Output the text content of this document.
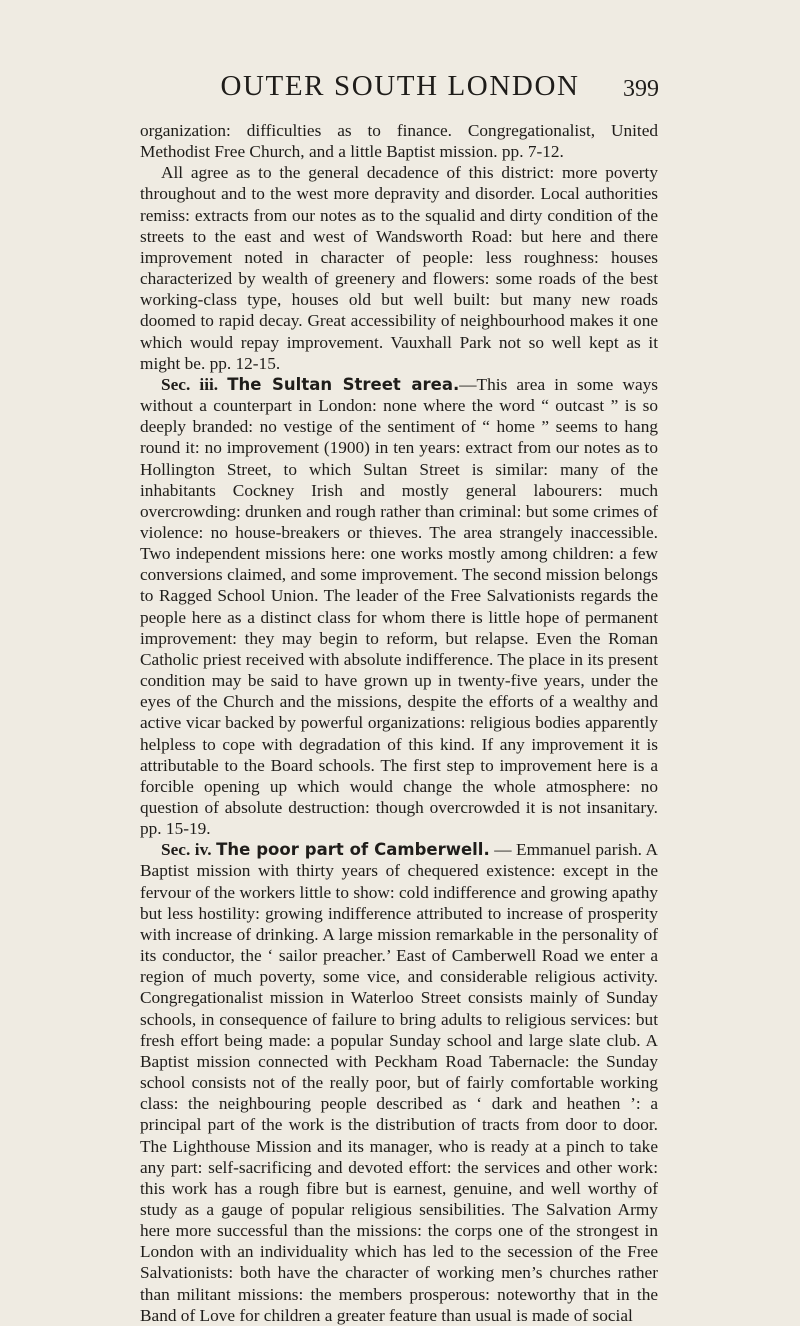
OUTER SOUTH LONDON	399

organization: difficulties as to finance. Congregationalist, United Methodist Free Church, and a little Baptist mission. pp. 7-12.

All agree as to the general decadence of this district: more poverty throughout and to the west more depravity and disorder. Local authorities remiss: extracts from our notes as to the squalid and dirty condition of the streets to the east and west of Wandsworth Road: but here and there improvement noted in character of people: less roughness: houses characterized by wealth of greenery and flowers: some roads of the best working-class type, houses old but well built: but many new roads doomed to rapid decay. Great accessibility of neighbourhood makes it one which would repay improvement. Vauxhall Park not so well kept as it might be. pp. 12-15.

Sec. iii. The Sultan Street area.—This area in some ways without a counterpart in London: none where the word “ outcast ” is so deeply branded: no vestige of the sentiment of “ home ” seems to hang round it: no improvement (1900) in ten years: extract from our notes as to Hollington Street, to which Sultan Street is similar: many of the inhabitants Cockney Irish and mostly general labourers: much overcrowding: drunken and rough rather than criminal: but some crimes of violence: no house-breakers or thieves. The area strangely inaccessible. Two independent missions here: one works mostly among children: a few conversions claimed, and some improvement. The second mission belongs to Ragged School Union. The leader of the Free Salvationists regards the people here as a distinct class for whom there is little hope of permanent improvement: they may begin to reform, but relapse. Even the Roman Catholic priest received with absolute indifference. The place in its present condition may be said to have grown up in twenty-five years, under the eyes of the Church and the missions, despite the efforts of a wealthy and active vicar backed by powerful organizations: religious bodies apparently helpless to cope with degradation of this kind. If any improvement it is attributable to the Board schools. The first step to improvement here is a forcible opening up which would change the whole atmosphere: no question of absolute destruction: though overcrowded it is not insanitary. pp. 15-19.

Sec. iv. The poor part of Camberwell. — Emmanuel parish. A Baptist mission with thirty years of chequered existence: except in the fervour of the workers little to show: cold indifference and growing apathy but less hostility: growing indifference attributed to increase of prosperity with increase of drinking. A large mission remarkable in the personality of its conductor, the ‘ sailor preacher.’ East of Camberwell Road we enter a region of much poverty, some vice, and considerable religious activity. Congregationalist mission in Waterloo Street consists mainly of Sunday schools, in consequence of failure to bring adults to religious services: but fresh effort being made: a popular Sunday school and large slate club. A Baptist mission connected with Peckham Road Tabernacle: the Sunday school consists not of the really poor, but of fairly comfortable working class: the neighbouring people described as ‘ dark and heathen ’: a principal part of the work is the distribution of tracts from door to door. The Lighthouse Mission and its manager, who is ready at a pinch to take any part: self-sacrificing and devoted effort: the services and other work: this work has a rough fibre but is earnest, genuine, and well worthy of study as a gauge of popular religious sensibilities. The Salvation Army here more successful than the missions: the corps one of the strongest in London with an individuality which has led to the secession of the Free Salvationists: both have the character of working men’s churches rather than militant missions: the members prosperous: noteworthy that in the Band of Love for children a greater feature than usual is made of social
